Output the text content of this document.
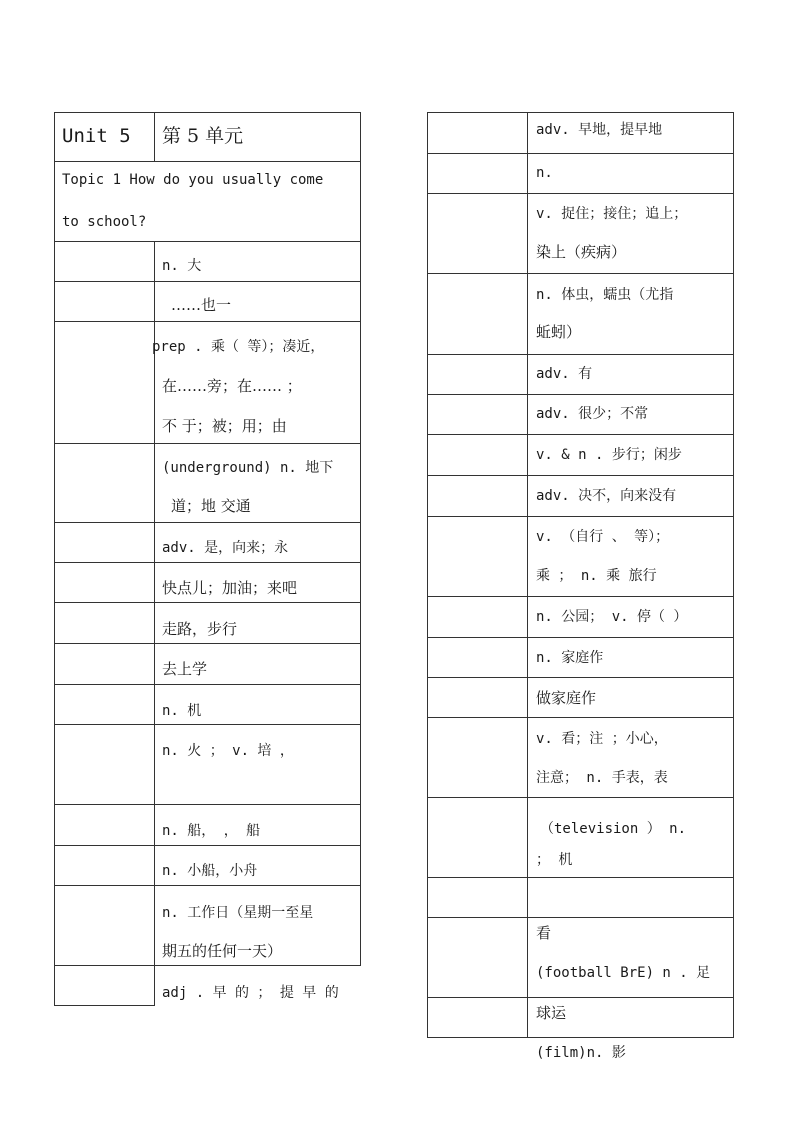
Unit 5 第 5 单元
Topic 1 How do you usually come
to school?
n. 大
……也一
prep . 乘（ 等）；凑近，
在……旁；在…… ；
不 于；被；用；由
(underground) n. 地下
道；地 交通
adv. 是，向来；永
快点儿；加油；来吧
走路，步行
去上学
n. 机
n. 火 ； v. 培 ，
n. 船， ， 船
n. 小船，小舟
n. 工作日（星期一至星
期五的任何一天）
adj . 早 的 ； 提 早 的
adv. 早地，提早地
n.
v. 捉住；接住；追上；
染上（疾病）
n. 体虫，蠕虫（尤指
蚯蚓）
adv. 有
adv. 很少；不常
v. & n . 步行；闲步
adv. 决不，向来没有
v. （自行 、 等）；
乘 ； n. 乘 旅行
n. 公园； v. 停（ ）
n. 家庭作
做家庭作
v. 看；注 ；小心，
注意； n. 手表，表
（television ） n.
； 机
看
(football BrE) n . 足
球运
(film)n. 影
